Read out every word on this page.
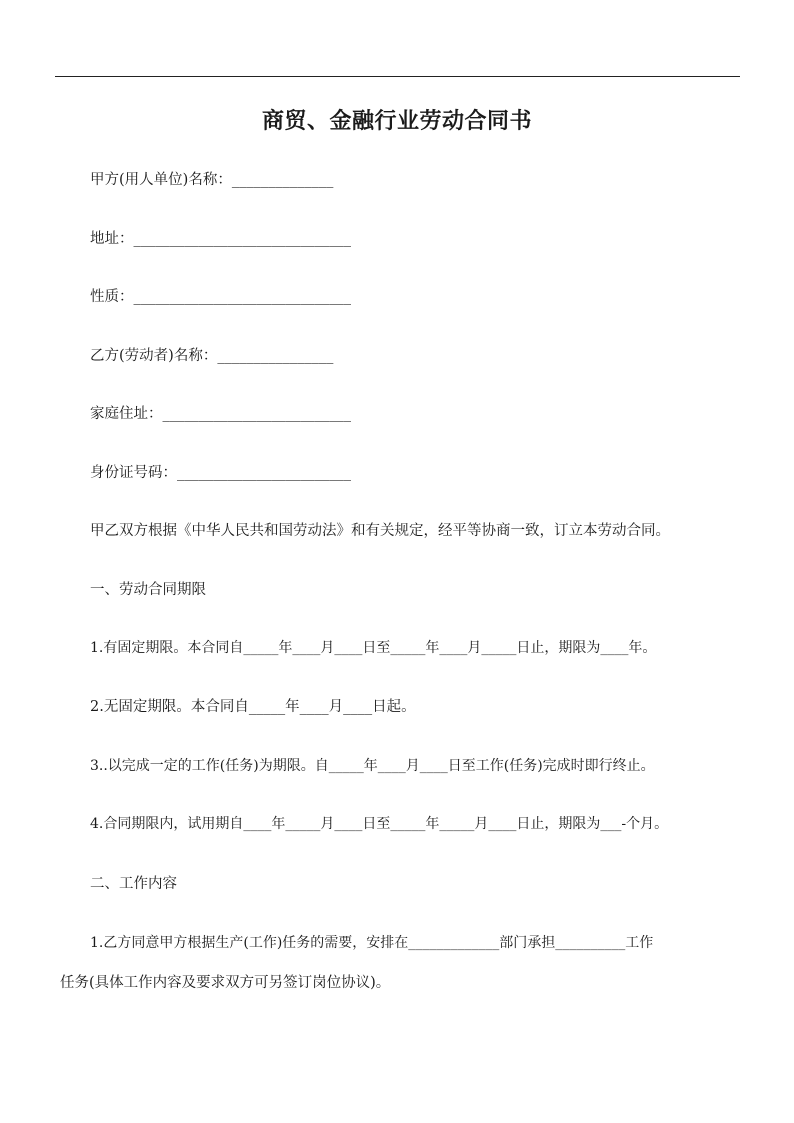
商贸、金融行业劳动合同书
甲方(用人单位)名称：______________
地址：______________________________
性质：______________________________
乙方(劳动者)名称：________________
家庭住址：__________________________
身份证号码：________________________
甲乙双方根据《中华人民共和国劳动法》和有关规定，经平等协商一致，订立本劳动合同。
一、劳动合同期限
1.有固定期限。本合同自_____年____月____日至_____年____月_____日止，期限为____年。
2.无固定期限。本合同自_____年____月____日起。
3..以完成一定的工作(任务)为期限。自_____年____月____日至工作(任务)完成时即行终止。
4.合同期限内，试用期自____年_____月____日至_____年_____月____日止，期限为___-个月。
二、工作内容
1.乙方同意甲方根据生产(工作)任务的需要，安排在_____________部门承担__________工作
任务(具体工作内容及要求双方可另签订岗位协议)。
